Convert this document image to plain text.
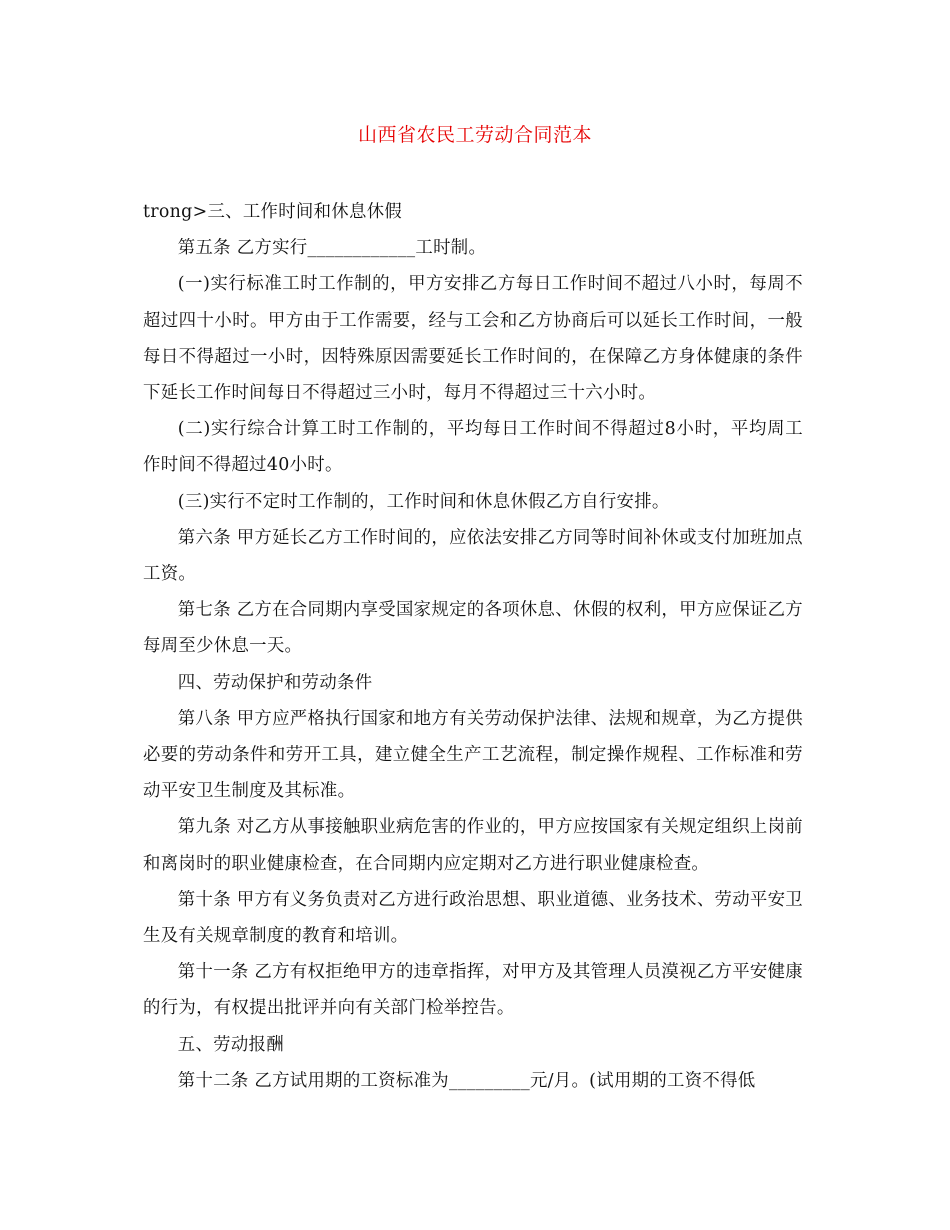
山西省农民工劳动合同范本

trong>三、工作时间和休息休假

第五条 乙方实行____________工时制。

(一)实行标准工时工作制的，甲方安排乙方每日工作时间不超过八小时，每周不超过四十小时。甲方由于工作需要，经与工会和乙方协商后可以延长工作时间，一般每日不得超过一小时，因特殊原因需要延长工作时间的，在保障乙方身体健康的条件下延长工作时间每日不得超过三小时，每月不得超过三十六小时。

(二)实行综合计算工时工作制的，平均每日工作时间不得超过8小时，平均周工作时间不得超过40小时。

(三)实行不定时工作制的，工作时间和休息休假乙方自行安排。

第六条 甲方延长乙方工作时间的，应依法安排乙方同等时间补休或支付加班加点工资。

第七条 乙方在合同期内享受国家规定的各项休息、休假的权利，甲方应保证乙方每周至少休息一天。

四、劳动保护和劳动条件

第八条 甲方应严格执行国家和地方有关劳动保护法律、法规和规章，为乙方提供必要的劳动条件和劳开工具，建立健全生产工艺流程，制定操作规程、工作标准和劳动平安卫生制度及其标准。

第九条 对乙方从事接触职业病危害的作业的，甲方应按国家有关规定组织上岗前和离岗时的职业健康检查，在合同期内应定期对乙方进行职业健康检查。

第十条 甲方有义务负责对乙方进行政治思想、职业道德、业务技术、劳动平安卫生及有关规章制度的教育和培训。

第十一条 乙方有权拒绝甲方的违章指挥，对甲方及其管理人员漠视乙方平安健康的行为，有权提出批评并向有关部门检举控告。

五、劳动报酬

第十二条 乙方试用期的工资标准为_________元/月。(试用期的工资不得低
